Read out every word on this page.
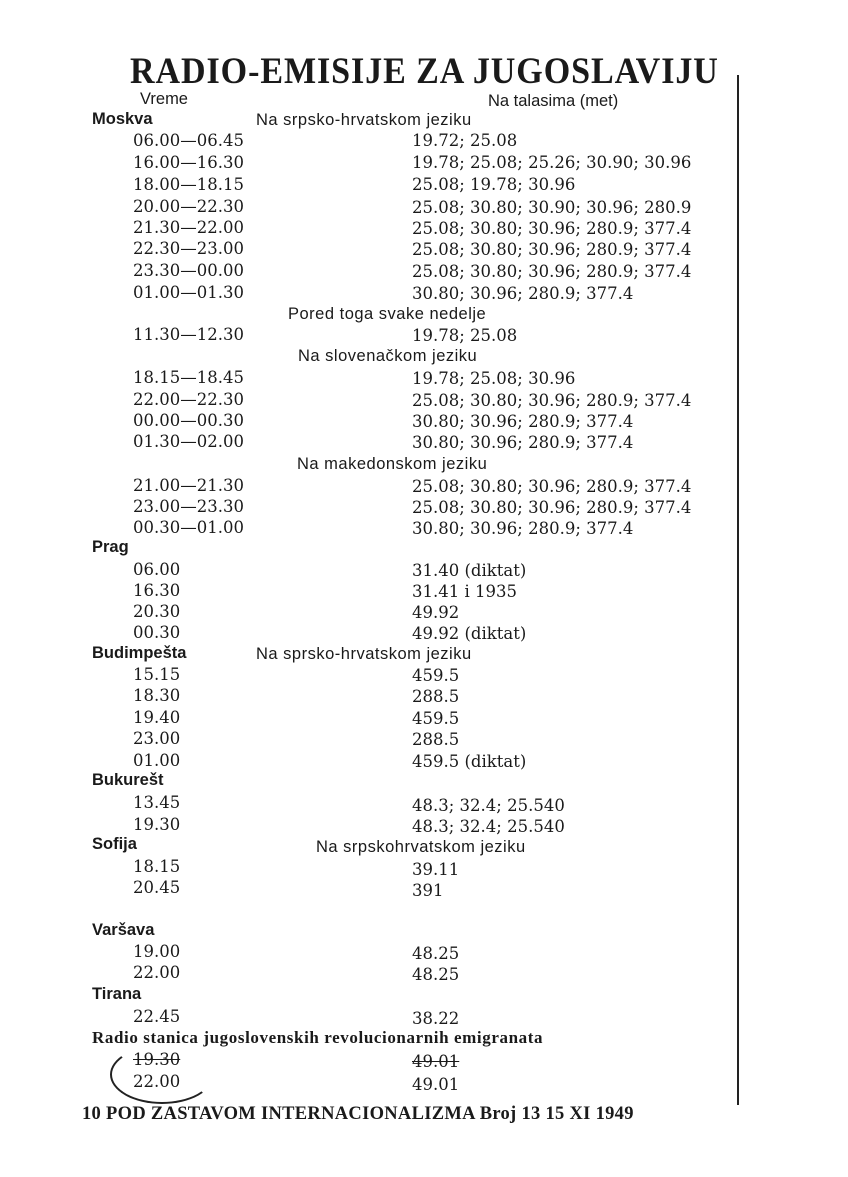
RADIO-EMISIJE ZA JUGOSLAVIJU
Vreme	Na talasima (met)
Moskva	Na srpsko-hrvatskom jeziku
06.00—06.45	19.72; 25.08
16.00—16.30	19.78; 25.08; 25.26; 30.90; 30.96
18.00—18.15	25.08; 19.78; 30.96
20.00—22.30	25.08; 30.80; 30.90; 30.96; 280.9
21.30—22.00	25.08; 30.80; 30.96; 280.9; 377.4
22.30—23.00	25.08; 30.80; 30.96; 280.9; 377.4
23.30—00.00	25.08; 30.80; 30.96; 280.9; 377.4
01.00—01.30	30.80; 30.96; 280.9; 377.4
Pored toga svake nedelje
11.30—12.30	19.78; 25.08
Na slovenačkom jeziku
18.15—18.45	19.78; 25.08; 30.96
22.00—22.30	25.08; 30.80; 30.96; 280.9; 377.4
00.00—00.30	30.80; 30.96; 280.9; 377.4
01.30—02.00	30.80; 30.96; 280.9; 377.4
Na makedonskom jeziku
21.00—21.30	25.08; 30.80; 30.96; 280.9; 377.4
23.00—23.30	25.08; 30.80; 30.96; 280.9; 377.4
00.30—01.00	30.80; 30.96; 280.9; 377.4
Prag
06.00	31.40 (diktat)
16.30	31.41 i 1935
20.30	49.92
00.30	49.92 (diktat)
Budimpešta	Na sprsko-hrvatskom jeziku
15.15	459.5
18.30	288.5
19.40	459.5
23.00	288.5
01.00	459.5 (diktat)
Bukurešt
13.45	48.3; 32.4; 25.540
19.30	48.3; 32.4; 25.540
Sofija	Na srpskohrvatskom jeziku
18.15	39.11
20.45	391
Varšava
19.00	48.25
22.00	48.25
Tirana
22.45	38.22
Radio stanica jugoslovenskih revolucionarnih emigranata
19.30	49.01
22.00	49.01
10 POD ZASTAVOM INTERNACIONALIZMA Broj 13 15 XI 1949
